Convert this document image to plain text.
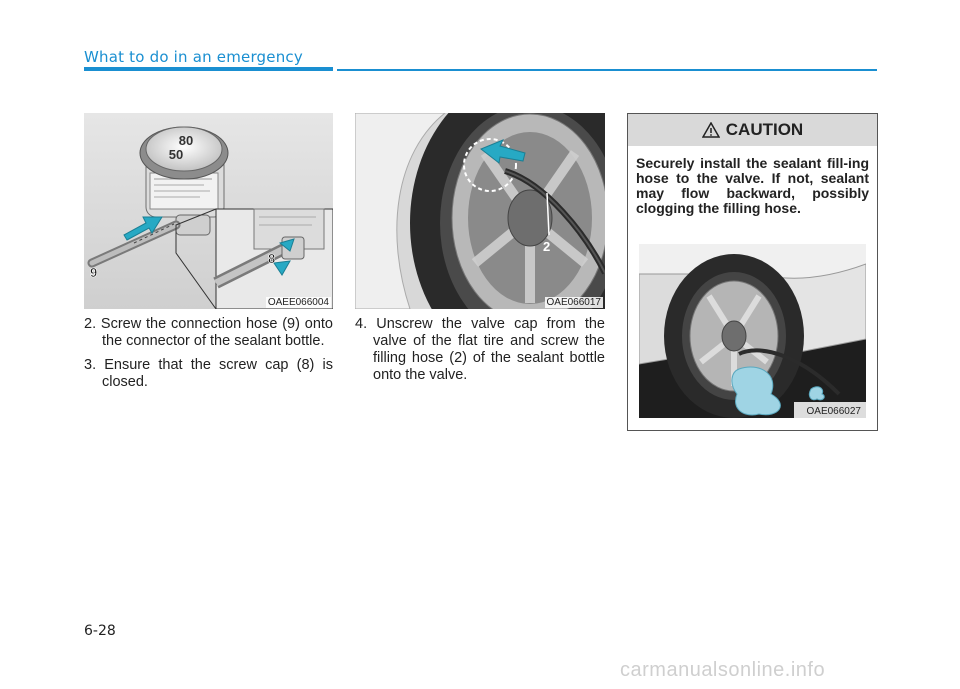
What to do in an emergency
80
50
8
9
OAEE066004
2
OAE066017

2. Screw the connection hose (9) onto the connector of the sealant bottle.

3. Ensure that the screw cap (8) is closed.

4. Unscrew the valve cap from the valve of the flat tire and screw the filling hose (2) of the sealant bottle onto the valve.

CAUTION
Securely install the sealant fill-ing hose to the valve. If not, sealant may flow backward, possibly clogging the filling hose.
OAE066027
6-28
carmanualsonline.info
